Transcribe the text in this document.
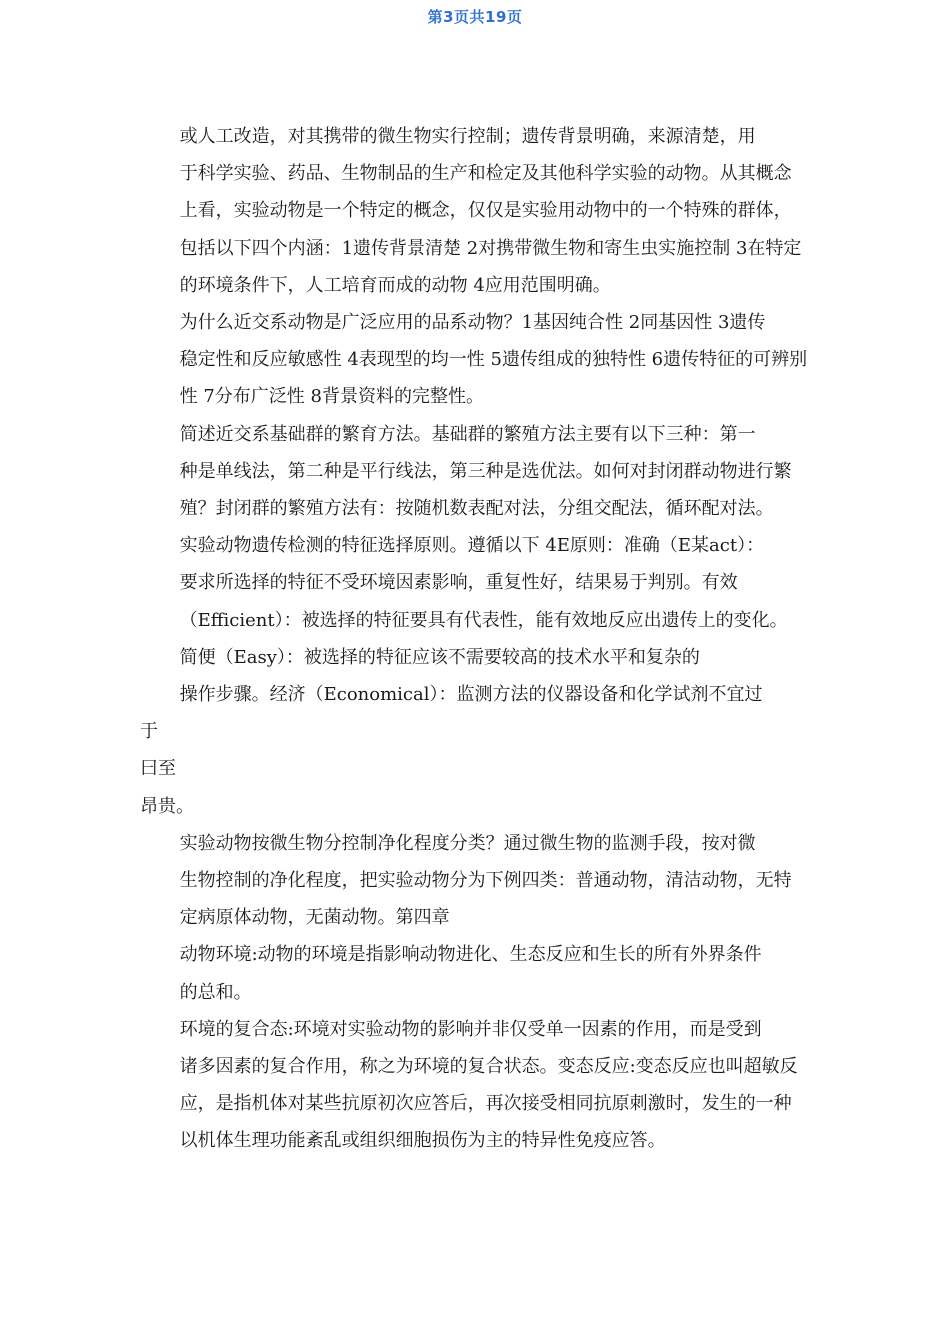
第3页共19页

或人工改造，对其携带的微生物实行控制；遗传背景明确，来源清楚，用
于科学实验、药品、生物制品的生产和检定及其他科学实验的动物。从其概念
上看，实验动物是一个特定的概念，仅仅是实验用动物中的一个特殊的群体，
包括以下四个内涵：1遗传背景清楚 2对携带微生物和寄生虫实施控制 3在特定
的环境条件下，人工培育而成的动物 4应用范围明确。

为什么近交系动物是广泛应用的品系动物？1基因纯合性 2同基因性 3遗传
稳定性和反应敏感性 4表现型的均一性 5遗传组成的独特性 6遗传特征的可辨别
性 7分布广泛性 8背景资料的完整性。

简述近交系基础群的繁育方法。基础群的繁殖方法主要有以下三种：第一
种是单线法，第二种是平行线法，第三种是选优法。如何对封闭群动物进行繁
殖？封闭群的繁殖方法有：按随机数表配对法，分组交配法，循环配对法。

实验动物遗传检测的特征选择原则。遵循以下 4E原则：准确（E某act）：
要求所选择的特征不受环境因素影响，重复性好，结果易于判别。有效
（Efficient）：被选择的特征要具有代表性，能有效地反应出遗传上的变化。
简便（Easy）：被选择的特征应该不需要较高的技术水平和复杂的

操作步骤。经济（Economical）：监测方法的仪器设备和化学试剂不宜过

于
曰至
昂贵。

实验动物按微生物分控制净化程度分类？通过微生物的监测手段，按对微
生物控制的净化程度，把实验动物分为下例四类：普通动物，清洁动物，无特
定病原体动物，无菌动物。第四章

动物环境:动物的环境是指影响动物进化、生态反应和生长的所有外界条件
的总和。

环境的复合态:环境对实验动物的影响并非仅受单一因素的作用，而是受到
诸多因素的复合作用，称之为环境的复合状态。变态反应:变态反应也叫超敏反
应，是指机体对某些抗原初次应答后，再次接受相同抗原刺激时，发生的一种
以机体生理功能紊乱或组织细胞损伤为主的特异性免疫应答。
